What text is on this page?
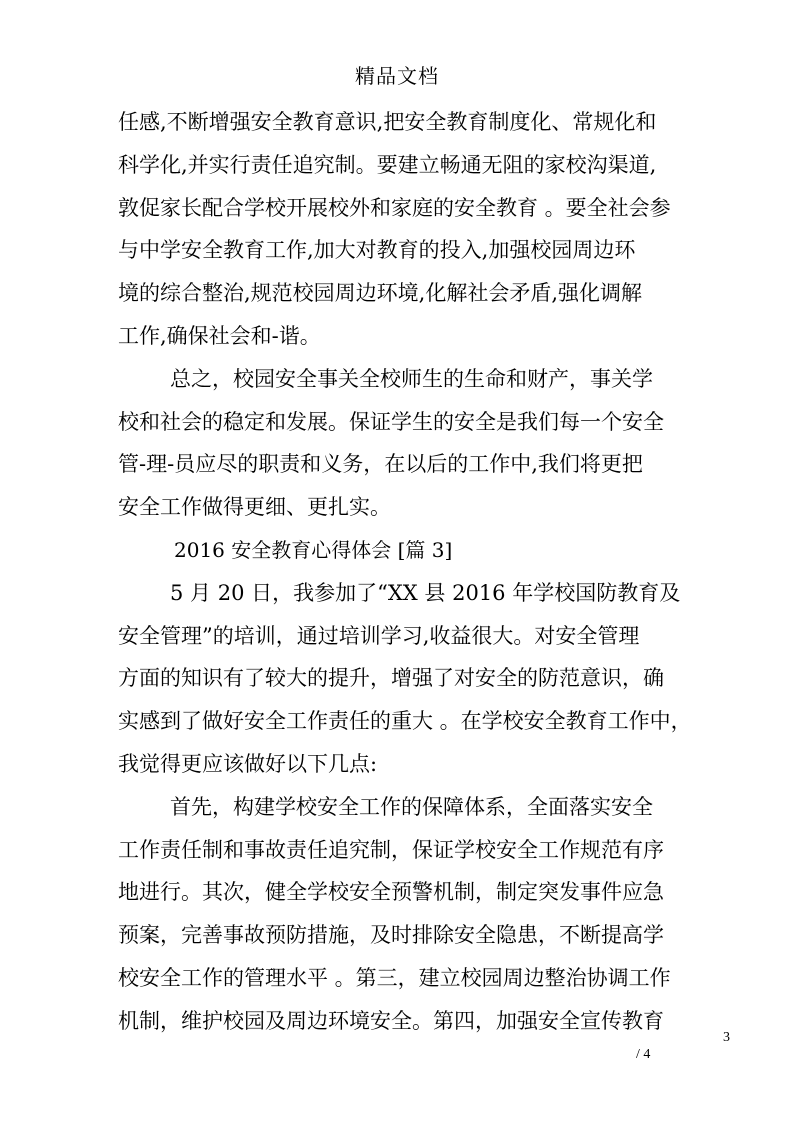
精品文档
任感,不断增强安全教育意识,把安全教育制度化、常规化和
科学化,并实行责任追究制。要建立畅通无阻的家校沟渠道,
敦促家长配合学校开展校外和家庭的安全教育 。要全社会参
与中学安全教育工作,加大对教育的投入,加强校园周边环
境的综合整治,规范校园周边环境,化解社会矛盾,强化调解
工作,确保社会和-谐。
总之，校园安全事关全校师生的生命和财产，事关学
校和社会的稳定和发展。保证学生的安全是我们每一个安全
管-理-员应尽的职责和义务，在以后的工作中,我们将更把
安全工作做得更细、更扎实。
2016 安全教育心得体会 [篇 3]
5 月 20 日，我参加了“XX 县 2016 年学校国防教育及
安全管理”的培训，通过培训学习,收益很大。对安全管理
方面的知识有了较大的提升，增强了对安全的防范意识，确
实感到了做好安全工作责任的重大 。在学校安全教育工作中，
我觉得更应该做好以下几点:
首先，构建学校安全工作的保障体系，全面落实安全
工作责任制和事故责任追究制，保证学校安全工作规范有序
地进行。其次，健全学校安全预警机制，制定突发事件应急
预案，完善事故预防措施，及时排除安全隐患，不断提高学
校安全工作的管理水平 。第三，建立校园周边整治协调工作
机制，维护校园及周边环境安全。第四，加强安全宣传教育
3
/ 4
